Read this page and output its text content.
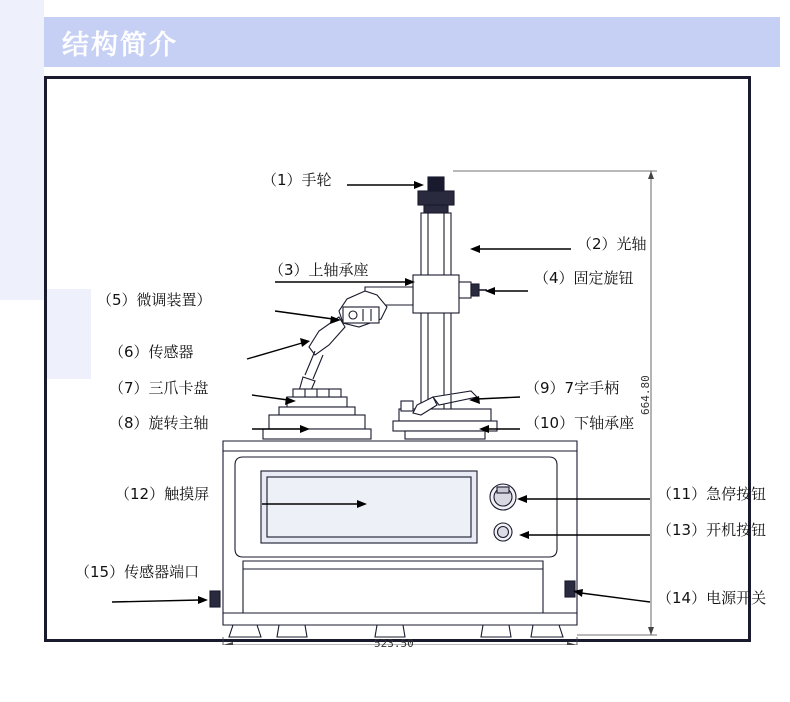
结构简介
（1）手轮
（2）光轴
（3）上轴承座	（4）固定旋钮
（5）微调装置）
（6）传感器
（7）三爪卡盘
（8）旋转主轴
（9）7字手柄
（10）下轴承座
（11）急停按钮
（12）触摸屏
（13）开机按钮
（14）电源开关
（15）传感器端口
664.80
523.50
